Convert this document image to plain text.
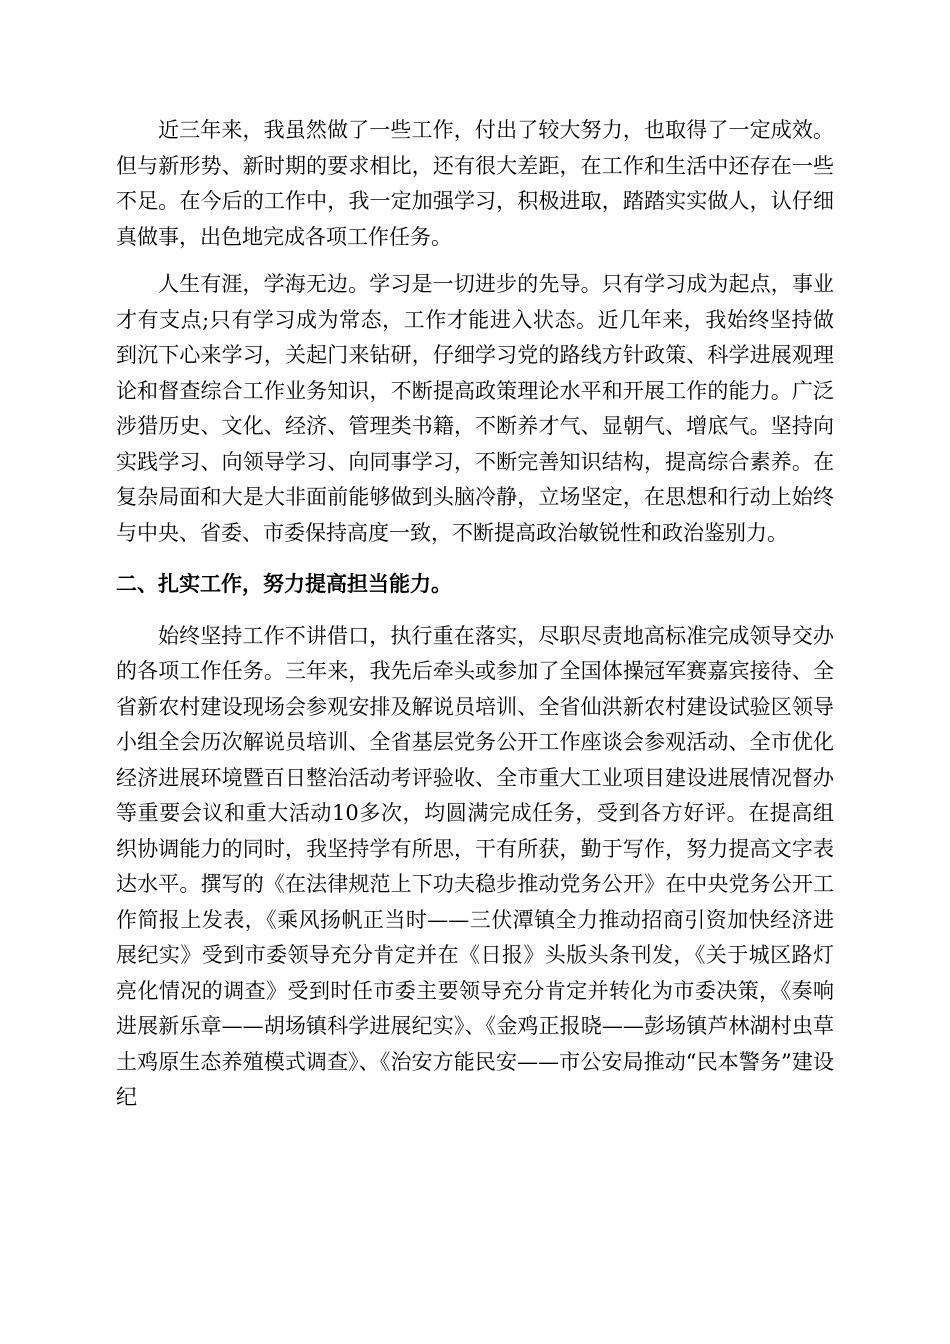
近三年来，我虽然做了一些工作，付出了较大努力，也取得了一定成效。但与新形势、新时期的要求相比，还有很大差距，在工作和生活中还存在一些不足。在今后的工作中，我一定加强学习，积极进取，踏踏实实做人，认仔细真做事，出色地完成各项工作任务。

人生有涯，学海无边。学习是一切进步的先导。只有学习成为起点，事业才有支点;只有学习成为常态，工作才能进入状态。近几年来，我始终坚持做到沉下心来学习，关起门来钻研，仔细学习党的路线方针政策、科学进展观理论和督查综合工作业务知识，不断提高政策理论水平和开展工作的能力。广泛涉猎历史、文化、经济、管理类书籍，不断养才气、显朝气、增底气。坚持向实践学习、向领导学习、向同事学习，不断完善知识结构，提高综合素养。在复杂局面和大是大非面前能够做到头脑冷静，立场坚定，在思想和行动上始终与中央、省委、市委保持高度一致，不断提高政治敏锐性和政治鉴别力。

二、扎实工作，努力提高担当能力。

始终坚持工作不讲借口，执行重在落实，尽职尽责地高标准完成领导交办的各项工作任务。三年来，我先后牵头或参加了全国体操冠军赛嘉宾接待、全省新农村建设现场会参观安排及解说员培训、全省仙洪新农村建设试验区领导小组全会历次解说员培训、全省基层党务公开工作座谈会参观活动、全市优化经济进展环境暨百日整治活动考评验收、全市重大工业项目建设进展情况督办等重要会议和重大活动10多次，均圆满完成任务，受到各方好评。在提高组织协调能力的同时，我坚持学有所思，干有所获，勤于写作，努力提高文字表达水平。撰写的《在法律规范上下功夫稳步推动党务公开》在中央党务公开工作简报上发表，《乘风扬帆正当时——三伏潭镇全力推动招商引资加快经济进展纪实》受到市委领导充分肯定并在《日报》头版头条刊发，《关于城区路灯亮化情况的调查》受到时任市委主要领导充分肯定并转化为市委决策，《奏响进展新乐章——胡场镇科学进展纪实》、《金鸡正报晓——彭场镇芦林湖村虫草土鸡原生态养殖模式调查》、《治安方能民安——市公安局推动“民本警务”建设纪
